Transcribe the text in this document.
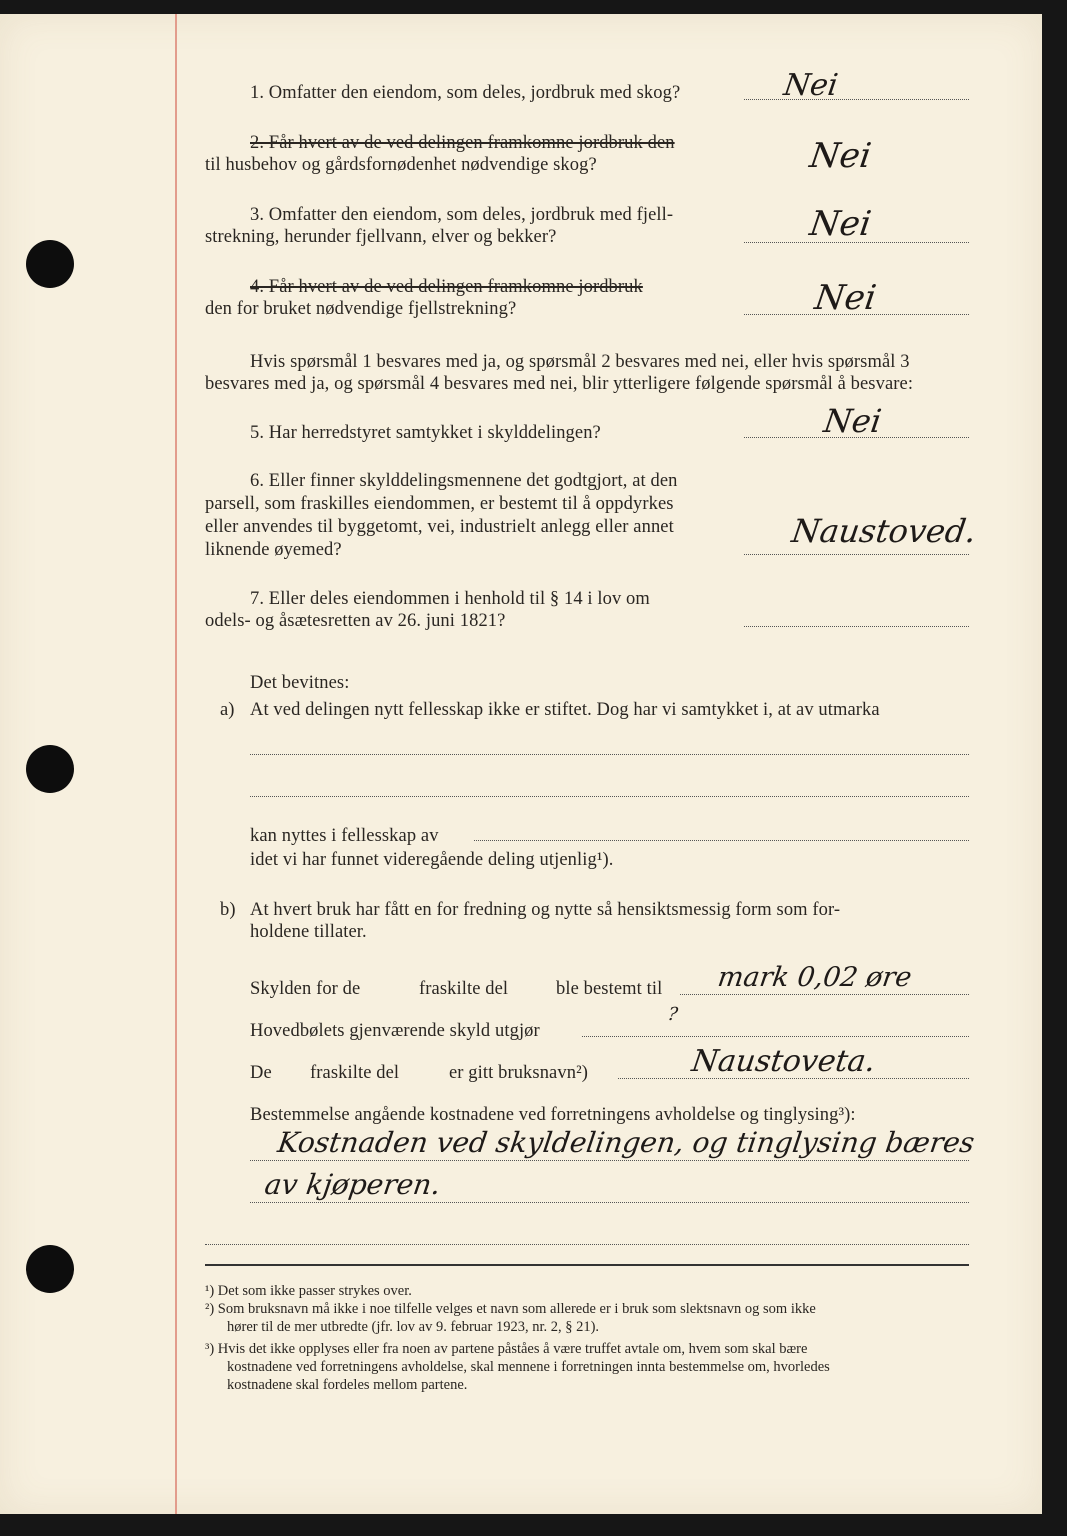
1. Omfatter den eiendom, som deles, jordbruk med skog?	Nei
2. Får hvert av de ved delingen framkomne jordbruk den
til husbehov og gårdsfornødenhet nødvendige skog?	Nei
3. Omfatter den eiendom, som deles, jordbruk med fjell-
strekning, herunder fjellvann, elver og bekker?	Nei
4. Får hvert av de ved delingen framkomne jordbruk
den for bruket nødvendige fjellstrekning?	Nei
Hvis spørsmål 1 besvares med ja, og spørsmål 2 besvares med nei, eller hvis spørsmål 3
besvares med ja, og spørsmål 4 besvares med nei, blir ytterligere følgende spørsmål å besvare:
5. Har herredstyret samtykket i skylddelingen?	Nei
6. Eller finner skylddelingsmennene det godtgjort, at den
parsell, som fraskilles eiendommen, er bestemt til å oppdyrkes
eller anvendes til byggetomt, vei, industrielt anlegg eller annet
liknende øyemed?	Naustoved.
7. Eller deles eiendommen i henhold til § 14 i lov om
odels- og åsætesretten av 26. juni 1821?
Det bevitnes:
a) At ved delingen nytt fellesskap ikke er stiftet. Dog har vi samtykket i, at av utmarka
kan nyttes i fellesskap av
idet vi har funnet videregående deling utjenlig¹).
b) At hvert bruk har fått en for fredning og nytte så hensiktsmessig form som for-
holdene tillater.
Skylden for de	fraskilte del	ble bestemt til mark 0,02 øre
Hovedbølets gjenværende skyld utgjør
?
De fraskilte del	er gitt bruksnavn²)	Naustoveta.
Bestemmelse angående kostnadene ved forretningens avholdelse og tinglysing³):
Kostnaden ved skyldelingen, og tinglysing bæres
av kjøperen.
¹) Det som ikke passer strykes over.
²) Som bruksnavn må ikke i noe tilfelle velges et navn som allerede er i bruk som slektsnavn og som ikke
hører til de mer utbredte (jfr. lov av 9. februar 1923, nr. 2, § 21).
³) Hvis det ikke opplyses eller fra noen av partene påståes å være truffet avtale om, hvem som skal bære
kostnadene ved forretningens avholdelse, skal mennene i forretningen innta bestemmelse om, hvorledes
kostnadene skal fordeles mellom partene.
